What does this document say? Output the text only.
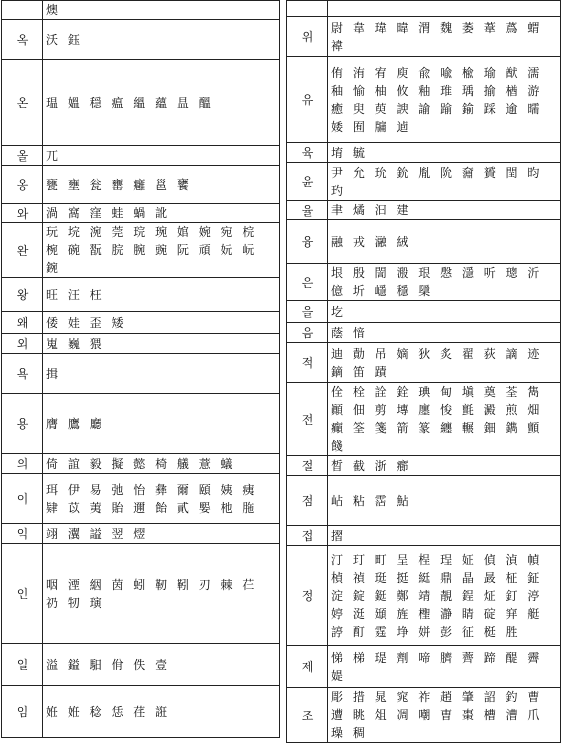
	燠
옥	沃 鈺
온	瑥 媼 穏 瘟 縕 蘊 昷 醞
올	兀
옹	甕 壅 瓮 罋 癰 邕 饔
와	渦 窩 窪 蛙 蝸 訛
완	玩 垸 涴 莞 琓 琬 婠 婉 宛 梡 椀 碗 翫 脘 腕 豌 阮 頑 妧 岏 鋺
왕	旺 汪 枉
왜	倭 娃 歪 矮
외	嵬 巍 猥
욕	揖
용	膺 鷹 廳
의	倚 誼 毅 擬 懿 椅 艤 薏 蟻
이	珥 伊 易 弛 怡 彝 爾 頤 姨 痍 肄 苡 荑 貽 邇 飴 貳 媐 杝 胣
익	翊 瀷 謚 翌 熤
인	咽 湮 絪 茵 蚓 靭 靷 刃 棘 芢 礽 牣 璌
일	溢 鎰 馹 佾 佚 壹
임	姙 姙 稔 恁 荏 誑

위	尉 韋 瑋 暐 渭 魏 萎 葦 蔿 蝟 褘
유	侑 洧 宥 庾 兪 喩 楡 瑜 猷 濡 秞 愉 柚 攸 釉 琟 瑀 揄 楢 游 癒 臾 萸 諛 諭 踰 鍮 踩 逾 曘 婑 囿 牖 逌
육	堉 毓
윤	尹 允 玧 鈗 胤 阭 奫 贇 閏 昀 玓
율	聿 燏 汩 建
융	融 戎 瀜 絨
은	垠 殷 誾 溵 珢 慇 濦 听 璁 沂 億 圻 嶾 穩 檃
을	圪
음	蔭 愔
적	迪 勣 吊 嫡 狄 炙 翟 荻 謫 迹 鏑 笛 蹟
전	佺 栓 詮 銓 琠 甸 塡 奠 荃 雋 顚 佃 剪 塼 廛 悛 氈 澱 煎 畑 癲 筌 箋 箭 篆 纏 輾 鈿 鐫 顫 餞
절	晳 截 浙 癤
점	岾 粘 霑 鮎
접	摺
정	汀 玎 町 呈 桯 珵 姃 偵 湞 幀 楨 禎 珽 挺 綎 鼎 晶 晸 柾 鉦 淀 錠 鋌 鄭 靖 靚 鋥 炡 釘 渟 婷 涏 頲 旌 檉 瀞 睛 碇 穽 艇 諪 酊 霆 埩 姘 彭 征 梃 胜
제	悌 梯 瑅 劑 啼 臍 薺 蹄 醍 霽 媞
조	彫 措 晁 窕 祚 趙 肇 詔 釣 曹 遭 眺 俎 凋 嘲 曺 棗 槽 漕 爪 璪 稠
